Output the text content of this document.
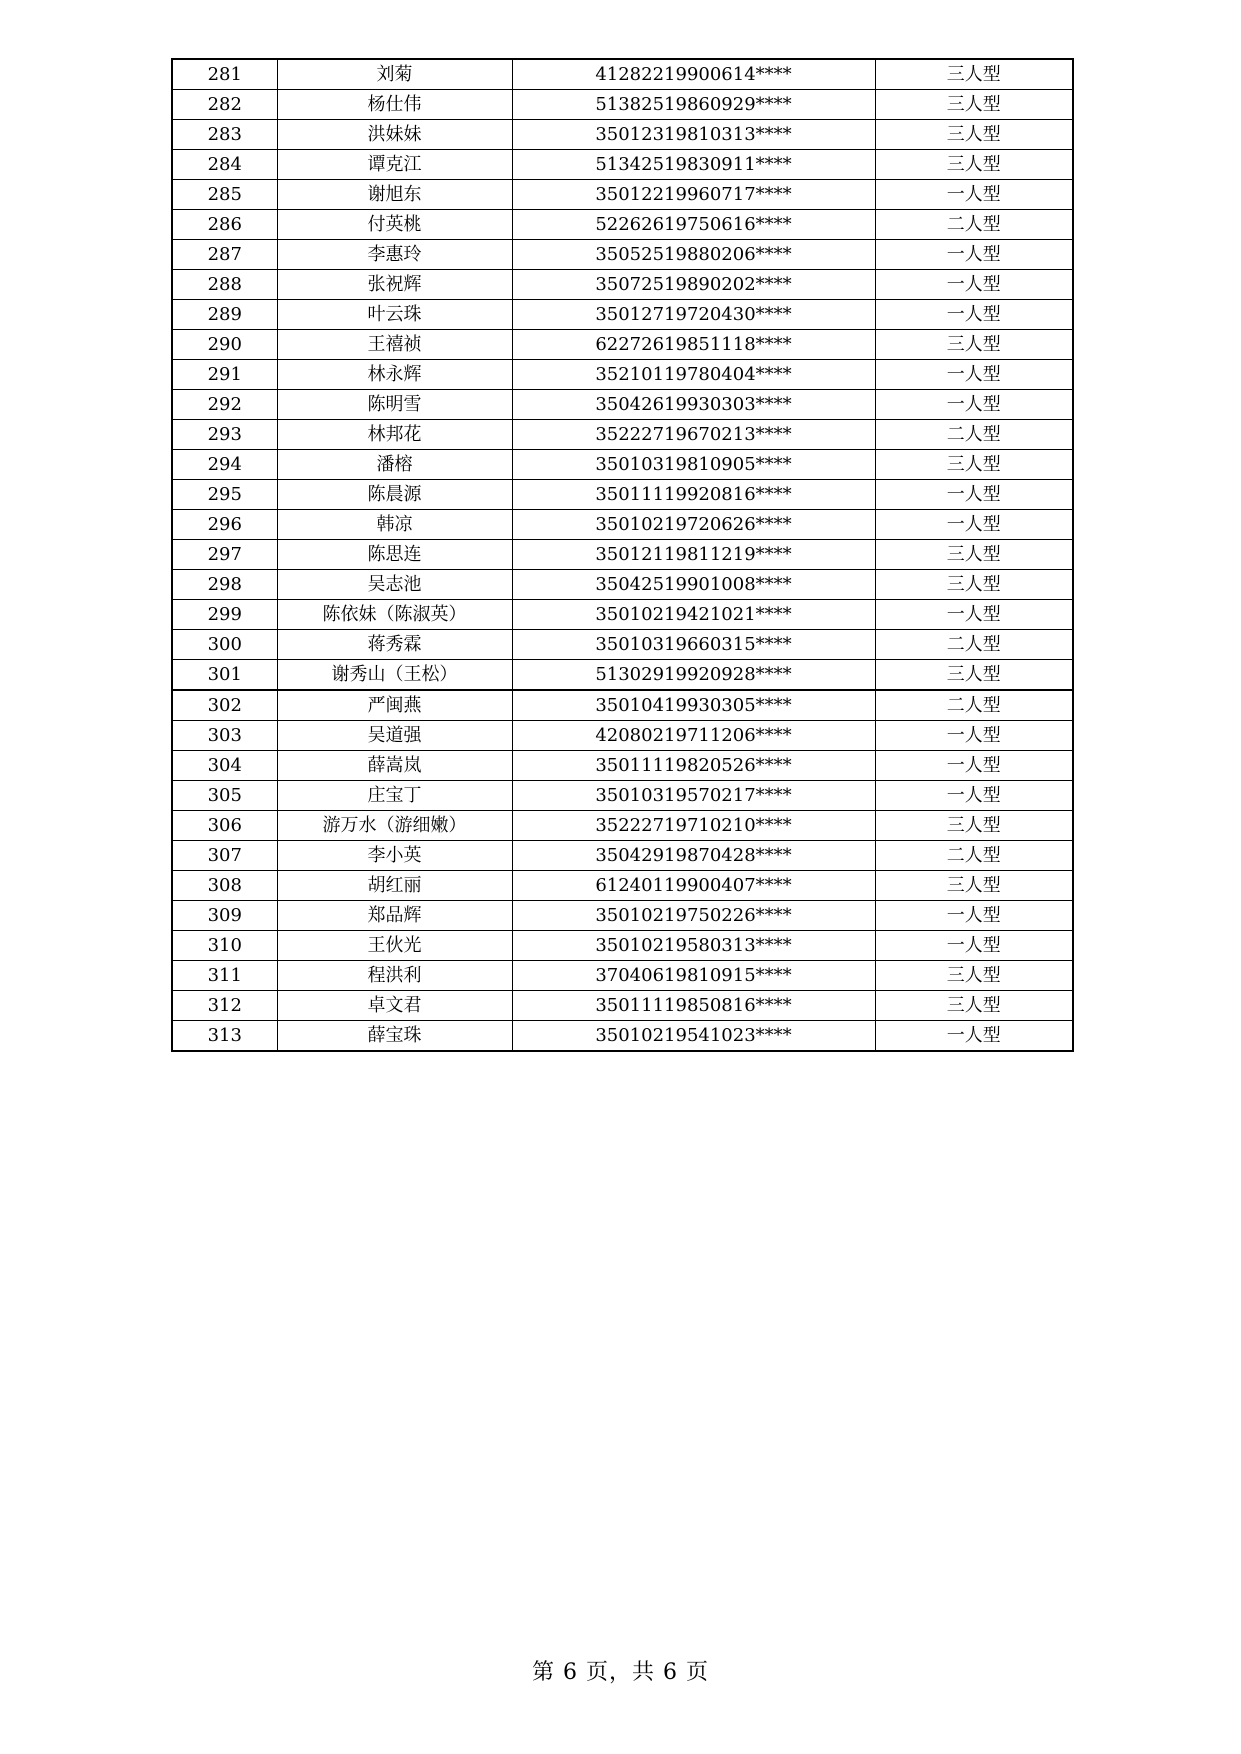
281	刘菊	41282219900614****	三人型
282	杨仕伟	51382519860929****	三人型
283	洪妹妹	35012319810313****	三人型
284	谭克江	51342519830911****	三人型
285	谢旭东	35012219960717****	一人型
286	付英桃	52262619750616****	二人型
287	李惠玲	35052519880206****	一人型
288	张祝辉	35072519890202****	一人型
289	叶云珠	35012719720430****	一人型
290	王禧祯	62272619851118****	三人型
291	林永辉	35210119780404****	一人型
292	陈明雪	35042619930303****	一人型
293	林邦花	35222719670213****	二人型
294	潘榕	35010319810905****	三人型
295	陈晨源	35011119920816****	一人型
296	韩凉	35010219720626****	一人型
297	陈思连	35012119811219****	三人型
298	吴志池	35042519901008****	三人型
299	陈依妹（陈淑英）	35010219421021****	一人型
300	蒋秀霖	35010319660315****	二人型
301	谢秀山（王松）	51302919920928****	三人型
302	严闽燕	35010419930305****	二人型
303	吴道强	42080219711206****	一人型
304	薛嵩岚	35011119820526****	一人型
305	庄宝丁	35010319570217****	一人型
306	游万水（游细嫩）	35222719710210****	三人型
307	李小英	35042919870428****	二人型
308	胡红丽	61240119900407****	三人型
309	郑品辉	35010219750226****	一人型
310	王伙光	35010219580313****	一人型
311	程洪利	37040619810915****	三人型
312	卓文君	35011119850816****	三人型
313	薛宝珠	35010219541023****	一人型
第 6 页，共 6 页
